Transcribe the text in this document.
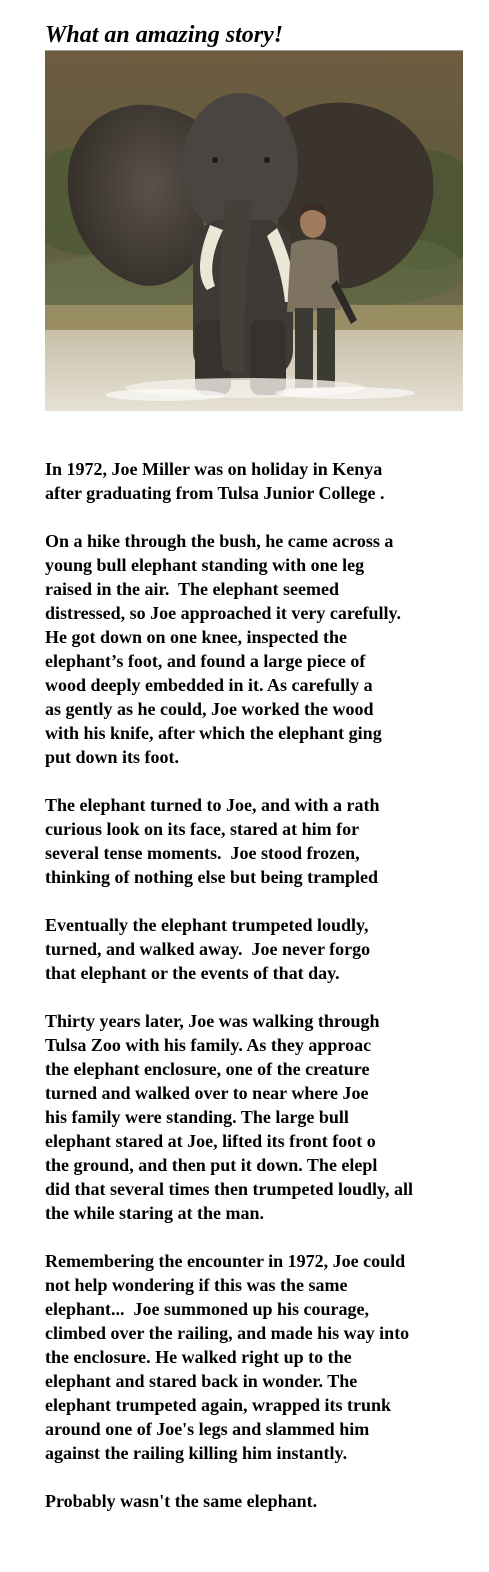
What an amazing story!

In 1972, Joe Miller was on holiday in Kenya
after graduating from Tulsa Junior College .

On a hike through the bush, he came across a
young bull elephant standing with one leg
raised in the air.  The elephant seemed
distressed, so Joe approached it very carefully.
He got down on one knee, inspected the
elephant’s foot, and found a large piece of
wood deeply embedded in it. As carefully a
as gently as he could, Joe worked the wood
with his knife, after which the elephant ging
put down its foot.

The elephant turned to Joe, and with a rath
curious look on its face, stared at him for
several tense moments.  Joe stood frozen,
thinking of nothing else but being trampled

Eventually the elephant trumpeted loudly,
turned, and walked away.  Joe never forgo
that elephant or the events of that day.

Thirty years later, Joe was walking through
Tulsa Zoo with his family. As they approac
the elephant enclosure, one of the creature
turned and walked over to near where Joe
his family were standing. The large bull
elephant stared at Joe, lifted its front foot o
the ground, and then put it down. The elepl
did that several times then trumpeted loudly, all
the while staring at the man.

Remembering the encounter in 1972, Joe could
not help wondering if this was the same
elephant...  Joe summoned up his courage,
climbed over the railing, and made his way into
the enclosure. He walked right up to the
elephant and stared back in wonder. The
elephant trumpeted again, wrapped its trunk
around one of Joe's legs and slammed him
against the railing killing him instantly.

Probably wasn't the same elephant.
